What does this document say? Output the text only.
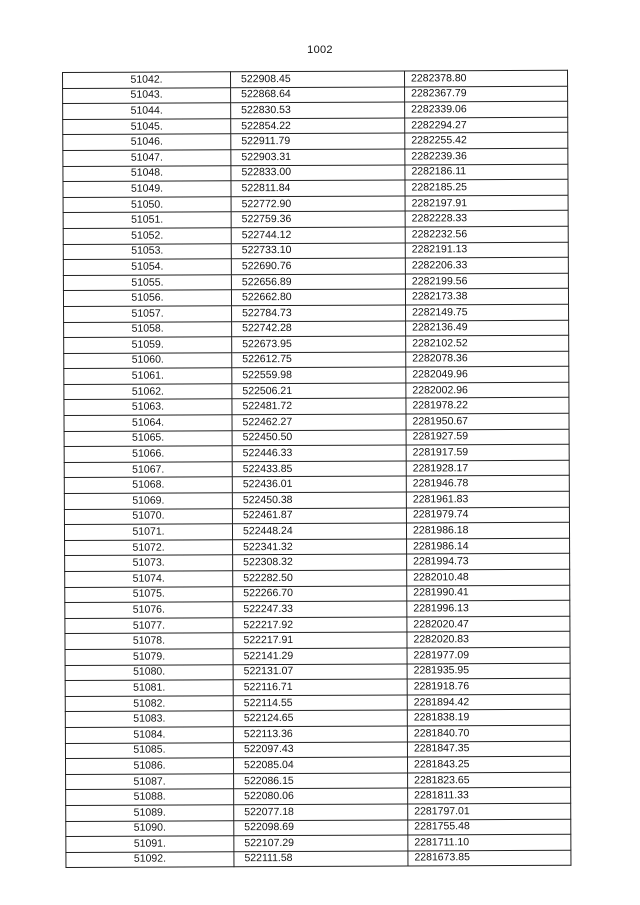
1002
51042.	522908.45	2282378.80
51043.	522868.64	2282367.79
51044.	522830.53	2282339.06
51045.	522854.22	2282294.27
51046.	522911.79	2282255.42
51047.	522903.31	2282239.36
51048.	522833.00	2282186.11
51049.	522811.84	2282185.25
51050.	522772.90	2282197.91
51051.	522759.36	2282228.33
51052.	522744.12	2282232.56
51053.	522733.10	2282191.13
51054.	522690.76	2282206.33
51055.	522656.89	2282199.56
51056.	522662.80	2282173.38
51057.	522784.73	2282149.75
51058.	522742.28	2282136.49
51059.	522673.95	2282102.52
51060.	522612.75	2282078.36
51061.	522559.98	2282049.96
51062.	522506.21	2282002.96
51063.	522481.72	2281978.22
51064.	522462.27	2281950.67
51065.	522450.50	2281927.59
51066.	522446.33	2281917.59
51067.	522433.85	2281928.17
51068.	522436.01	2281946.78
51069.	522450.38	2281961.83
51070.	522461.87	2281979.74
51071.	522448.24	2281986.18
51072.	522341.32	2281986.14
51073.	522308.32	2281994.73
51074.	522282.50	2282010.48
51075.	522266.70	2281990.41
51076.	522247.33	2281996.13
51077.	522217.92	2282020.47
51078.	522217.91	2282020.83
51079.	522141.29	2281977.09
51080.	522131.07	2281935.95
51081.	522116.71	2281918.76
51082.	522114.55	2281894.42
51083.	522124.65	2281838.19
51084.	522113.36	2281840.70
51085.	522097.43	2281847.35
51086.	522085.04	2281843.25
51087.	522086.15	2281823.65
51088.	522080.06	2281811.33
51089.	522077.18	2281797.01
51090.	522098.69	2281755.48
51091.	522107.29	2281711.10
51092.	522111.58	2281673.85
